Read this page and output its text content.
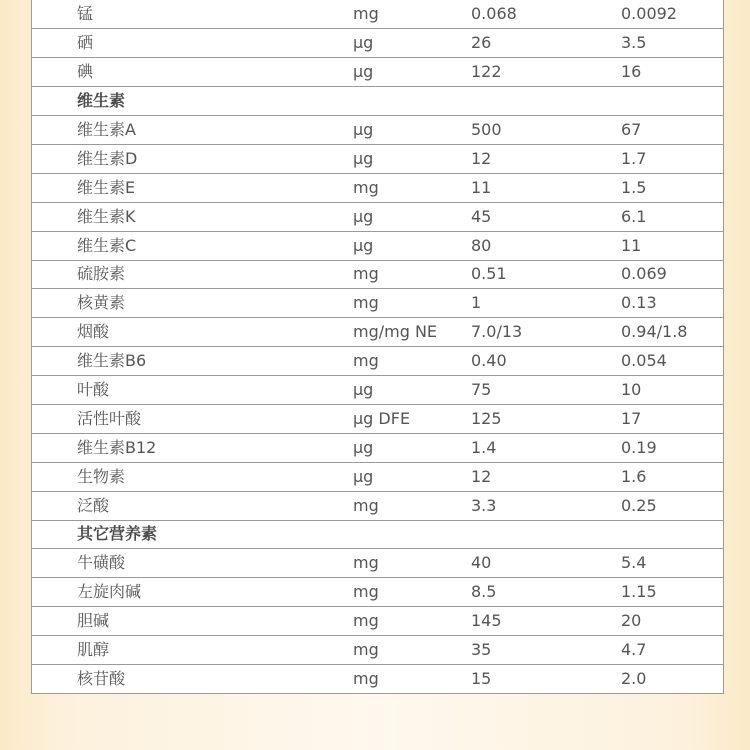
锰	mg	0.068	0.0092
硒	μg	26	3.5
碘	μg	122	16
维生素			
维生素A	μg	500	67
维生素D	μg	12	1.7
维生素E	mg	11	1.5
维生素K	μg	45	6.1
维生素C	μg	80	11
硫胺素	mg	0.51	0.069
核黄素	mg	1	0.13
烟酸	mg/mg NE	7.0/13	0.94/1.8
维生素B6	mg	0.40	0.054
叶酸	μg	75	10
活性叶酸	μg DFE	125	17
维生素B12	μg	1.4	0.19
生物素	μg	12	1.6
泛酸	mg	3.3	0.25
其它营养素			
牛磺酸	mg	40	5.4
左旋肉碱	mg	8.5	1.15
胆碱	mg	145	20
肌醇	mg	35	4.7
核苷酸	mg	15	2.0
